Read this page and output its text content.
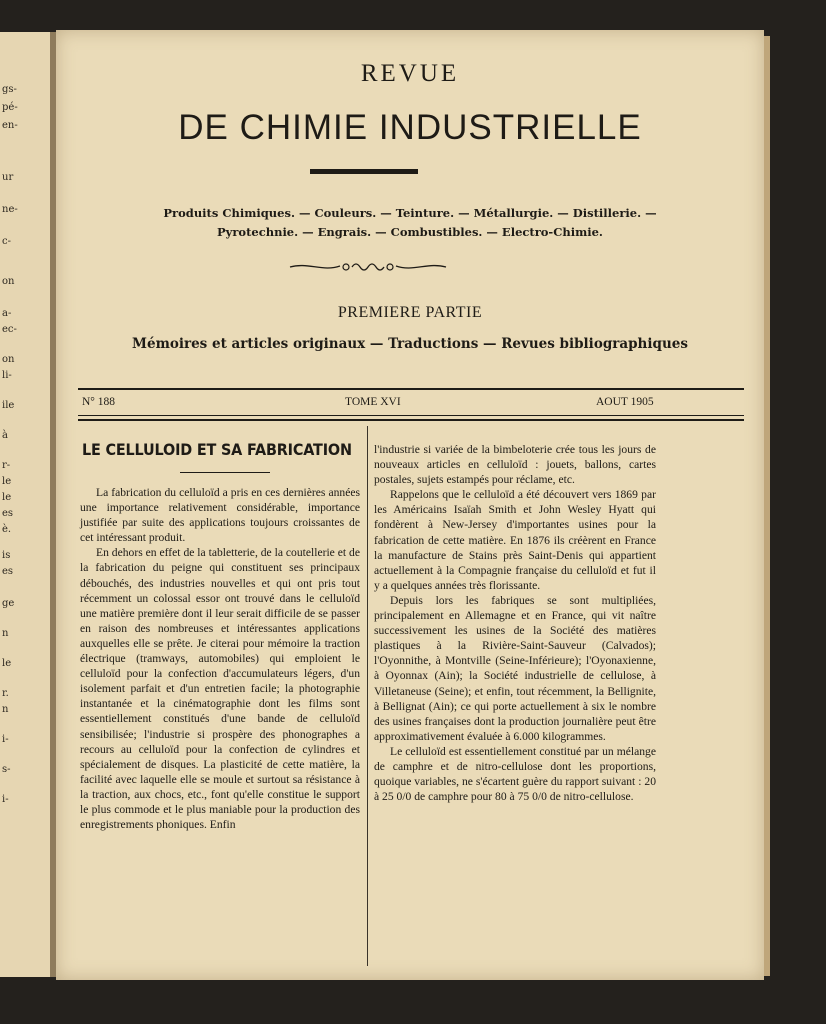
gs-
pé-
en-
ur
ne-
c-
on
a-
ec-
on
li-
ile
à
r-
le
le
es
è.
is
es
ge
n
le
r.
n
i-
s-
i-
REVUE
DE CHIMIE INDUSTRIELLE
Produits Chimiques. — Couleurs. — Teinture. — Métallurgie. — Distillerie. —
Pyrotechnie. — Engrais. — Combustibles. — Electro-Chimie.
PREMIERE PARTIE
Mémoires et articles originaux — Traductions — Revues bibliographiques
N° 188	TOME XVI	AOUT 1905
LE CELLULOID ET SA FABRICATION

La fabrication du celluloïd a pris en ces dernières années une importance relativement considérable, importance justifiée par suite des applications toujours croissantes de cet intéressant produit.

En dehors en effet de la tabletterie, de la coutellerie et de la fabrication du peigne qui constituent ses principaux débouchés, des industries nouvelles et qui ont pris tout récemment un colossal essor ont trouvé dans le celluloïd une matière première dont il leur serait difficile de se passer en raison des nombreuses et intéressantes applications auxquelles elle se prête. Je citerai pour mémoire la traction électrique (tramways, automobiles) qui emploient le celluloïd pour la confection d'accumulateurs légers, d'un isolement parfait et d'un entretien facile; la photographie instantanée et la cinématographie dont les films sont essentiellement constitués d'une bande de celluloïd sensibilisée; l'industrie si prospère des phonographes a recours au celluloïd pour la confection de cylindres et spécialement de disques. La plasticité de cette matière, la facilité avec laquelle elle se moule et surtout sa résistance à la traction, aux chocs, etc., font qu'elle constitue le support le plus commode et le plus maniable pour la production des enregistrements phoniques. Enfin

l'industrie si variée de la bimbeloterie crée tous les jours de nouveaux articles en celluloïd : jouets, ballons, cartes postales, sujets estampés pour réclame, etc.

Rappelons que le celluloïd a été découvert vers 1869 par les Américains Isaïah Smith et John Wesley Hyatt qui fondèrent à New-Jersey d'importantes usines pour la fabrication de cette matière. En 1876 ils créèrent en France la manufacture de Stains près Saint-Denis qui appartient actuellement à la Compagnie française du celluloïd et fut il y a quelques années très florissante.

Depuis lors les fabriques se sont multipliées, principalement en Allemagne et en France, qui vit naître successivement les usines de la Société des matières plastiques à la Rivière-Saint-Sauveur (Calvados); l'Oyonnithe, à Montville (Seine-Inférieure); l'Oyonaxienne, à Oyonnax (Ain); la Société industrielle de cellulose, à Villetaneuse (Seine); et enfin, tout récemment, la Bellignite, à Bellignat (Ain); ce qui porte actuellement à six le nombre des usines françaises dont la production journalière peut être approximativement évaluée à 6.000 kilogrammes.

Le celluloïd est essentiellement constitué par un mélange de camphre et de nitro-cellulose dont les proportions, quoique variables, ne s'écartent guère du rapport suivant : 20 à 25 0/0 de camphre pour 80 à 75 0/0 de nitro-cellulose.
